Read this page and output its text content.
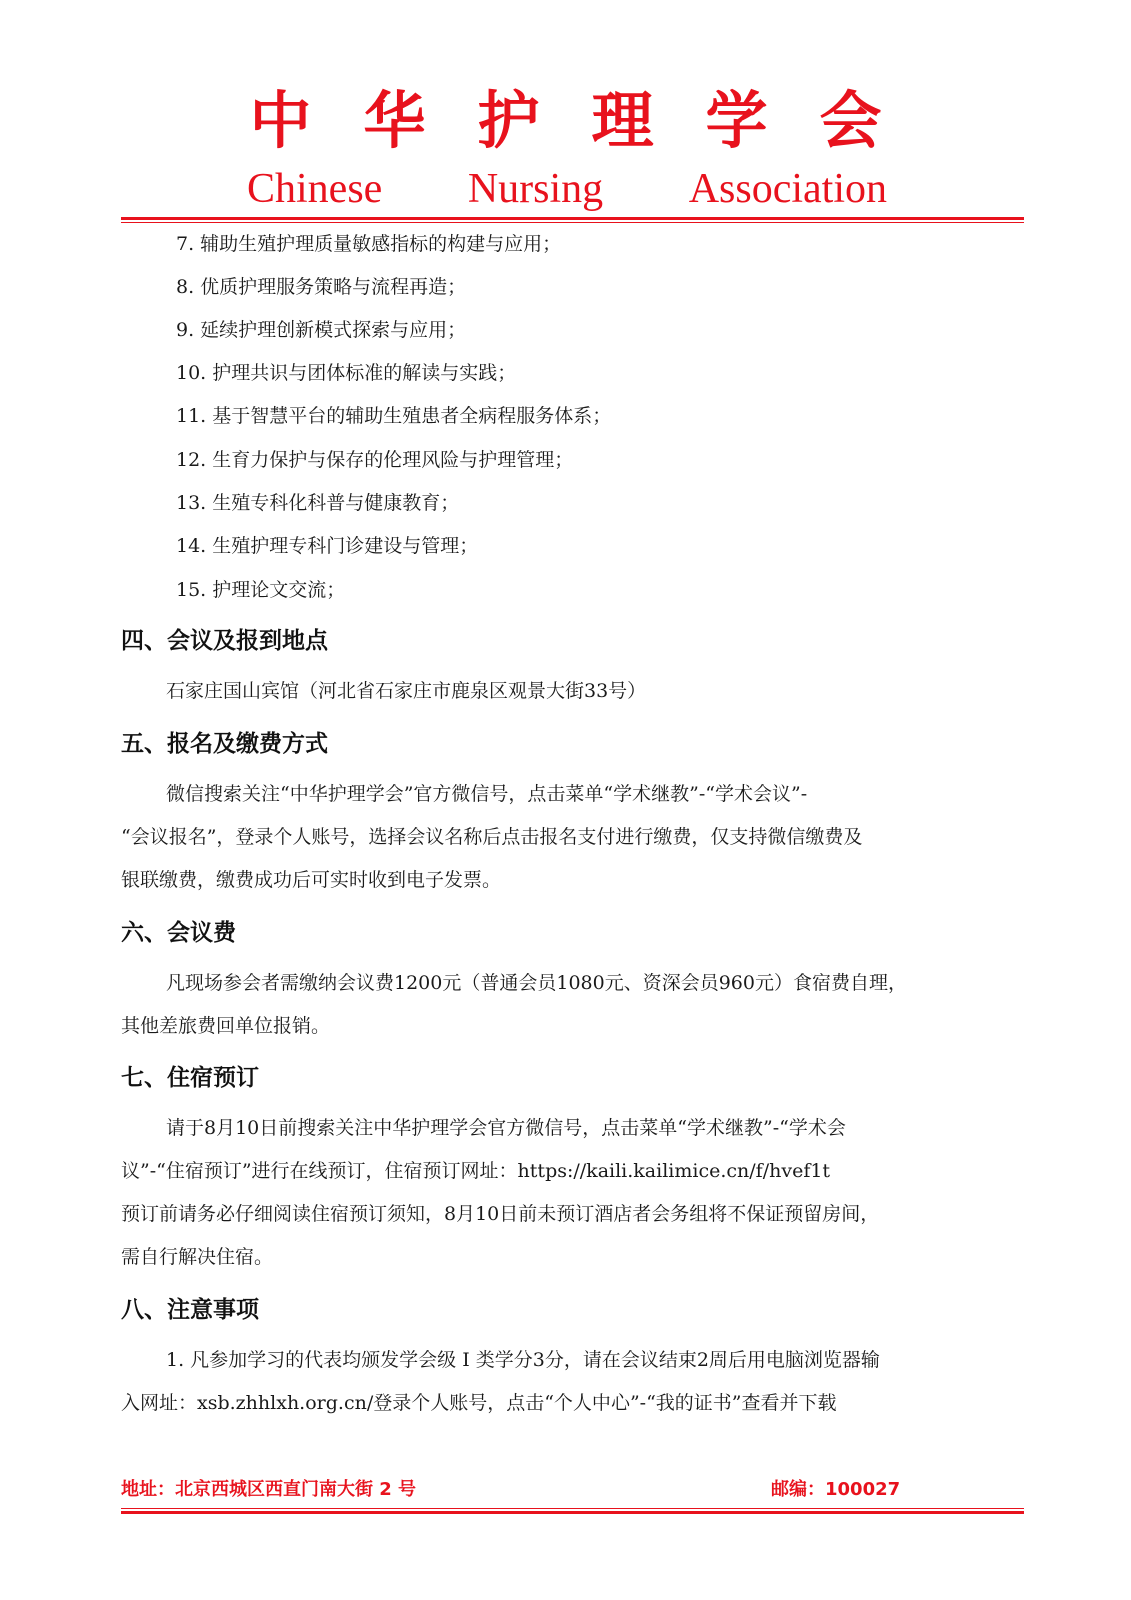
中华护理学会
Chinese Nursing Association
7. 辅助生殖护理质量敏感指标的构建与应用；
8. 优质护理服务策略与流程再造；
9. 延续护理创新模式探索与应用；
10. 护理共识与团体标准的解读与实践；
11. 基于智慧平台的辅助生殖患者全病程服务体系；
12. 生育力保护与保存的伦理风险与护理管理；
13. 生殖专科化科普与健康教育；
14. 生殖护理专科门诊建设与管理；
15. 护理论文交流；
四、会议及报到地点
石家庄国山宾馆（河北省石家庄市鹿泉区观景大街33号）
五、报名及缴费方式
微信搜索关注“中华护理学会”官方微信号，点击菜单“学术继教”-“学术会议”-
“会议报名”，登录个人账号，选择会议名称后点击报名支付进行缴费，仅支持微信缴费及
银联缴费，缴费成功后可实时收到电子发票。
六、会议费
凡现场参会者需缴纳会议费1200元（普通会员1080元、资深会员960元）食宿费自理，
其他差旅费回单位报销。
七、住宿预订
请于8月10日前搜索关注中华护理学会官方微信号，点击菜单“学术继教”-“学术会
议”-“住宿预订”进行在线预订，住宿预订网址：https://kaili.kailimice.cn/f/hvef1t
预订前请务必仔细阅读住宿预订须知，8月10日前未预订酒店者会务组将不保证预留房间，
需自行解决住宿。
八、注意事项
1. 凡参加学习的代表均颁发学会级 I 类学分3分，请在会议结束2周后用电脑浏览器输
入网址：xsb.zhhlxh.org.cn/登录个人账号，点击“个人中心”-“我的证书”查看并下载
地址：北京西城区西直门南大街 2 号	邮编：100027
